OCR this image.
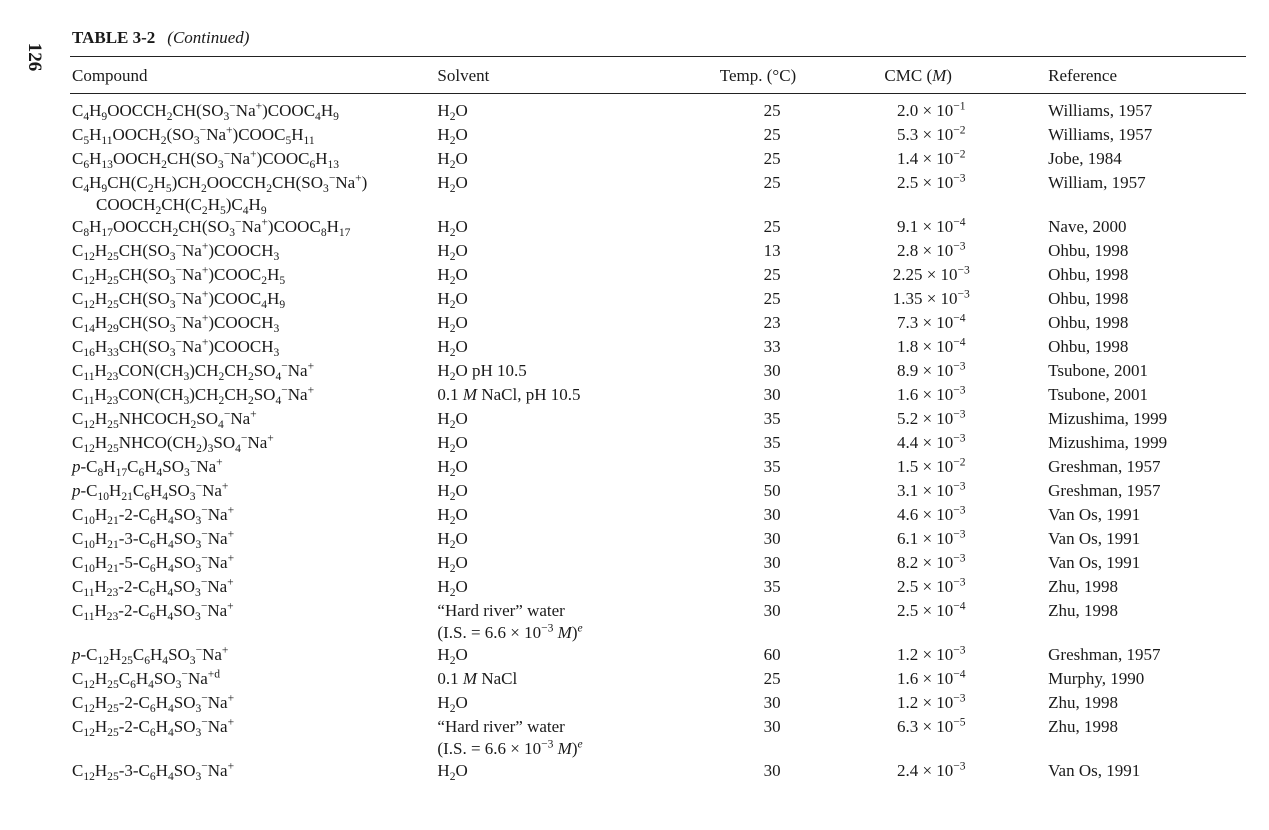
126
TABLE 3-2 (Continued)
Compound	Solvent	Temp. (°C)	CMC (M)	Reference

$C_4H_9OOCCH_2CH(SO_3^-Na^+)COOC_4H_9$	$H_2O$	25	$2.0 \times 10^{-1}$	Williams, 1957

$C_5H_{11}OOCH_2(SO_3^-Na^+)COOC_5H_{11}$	$H_2O$	25	$5.3 \times 10^{-2}$	Williams, 1957

$C_6H_{13}OOCH_2CH(SO_3^-Na^+)COOC_6H_{13}$	$H_2O$	25	$1.4 \times 10^{-2}$	Jobe, 1984

$C_4H_9CH(C_2H_5)CH_2OOCCH_2CH(SO_3^-Na^+)$
$COOCH_2CH(C_2H_5)C_4H_9$	$H_2O$	25	$2.5 \times 10^{-3}$	William, 1957

$C_8H_{17}OOCCH_2CH(SO_3^-Na^+)COOC_8H_{17}$	$H_2O$	25	$9.1 \times 10^{-4}$	Nave, 2000

$C_{12}H_{25}CH(SO_3^-Na^+)COOCH_3$	$H_2O$	13	$2.8 \times 10^{-3}$	Ohbu, 1998

$C_{12}H_{25}CH(SO_3^-Na^+)COOC_2H_5$	$H_2O$	25	$2.25 \times 10^{-3}$	Ohbu, 1998

$C_{12}H_{25}CH(SO_3^-Na^+)COOC_4H_9$	$H_2O$	25	$1.35 \times 10^{-3}$	Ohbu, 1998

$C_{14}H_{29}CH(SO_3^-Na^+)COOCH_3$	$H_2O$	23	$7.3 \times 10^{-4}$	Ohbu, 1998

$C_{16}H_{33}CH(SO_3^-Na^+)COOCH_3$	$H_2O$	33	$1.8 \times 10^{-4}$	Ohbu, 1998

$C_{11}H_{23}CON(CH_3)CH_2CH_2SO_4^-Na^+$	$H_2O$ pH 10.5	30	$8.9 \times 10^{-3}$	Tsubone, 2001

$C_{11}H_{23}CON(CH_3)CH_2CH_2SO_4^-Na^+$	0.1 M NaCl, pH 10.5	30	$1.6 \times 10^{-3}$	Tsubone, 2001

$C_{12}H_{25}NHCOCH_2SO_4^-Na^+$	$H_2O$	35	$5.2 \times 10^{-3}$	Mizushima, 1999

$C_{12}H_{25}NHCO(CH_2)_3SO_4^-Na^+$	$H_2O$	35	$4.4 \times 10^{-3}$	Mizushima, 1999

$p-C_8H_{17}C_6H_4SO_3^-Na^+$	$H_2O$	35	$1.5 \times 10^{-2}$	Greshman, 1957

$p-C_{10}H_{21}C_6H_4SO_3^-Na^+$	$H_2O$	50	$3.1 \times 10^{-3}$	Greshman, 1957

$C_{10}H_{21}-2-C_6H_4SO_3^-Na^+$	$H_2O$	30	$4.6 \times 10^{-3}$	Van Os, 1991

$C_{10}H_{21}-3-C_6H_4SO_3^-Na^+$	$H_2O$	30	$6.1 \times 10^{-3}$	Van Os, 1991

$C_{10}H_{21}-5-C_6H_4SO_3^-Na^+$	$H_2O$	30	$8.2 \times 10^{-3}$	Van Os, 1991

$C_{11}H_{23}-2-C_6H_4SO_3^-Na^+$	$H_2O$	35	$2.5 \times 10^{-3}$	Zhu, 1998

$C_{11}H_{23}-2-C_6H_4SO_3^-Na^+$	“Hard river” water
(I.S. = $6.6 \times 10^{-3}$ M)$^e$	30	$2.5 \times 10^{-4}$	Zhu, 1998

$p-C_{12}H_{25}C_6H_4SO_3^-Na^+$	$H_2O$	60	$1.2 \times 10^{-3}$	Greshman, 1957

$C_{12}H_{25}C_6H_4SO_3^-Na^{+d}$	0.1 M NaCl	25	$1.6 \times 10^{-4}$	Murphy, 1990

$C_{12}H_{25}-2-C_6H_4SO_3^-Na^+$	$H_2O$	30	$1.2 \times 10^{-3}$	Zhu, 1998

$C_{12}H_{25}-2-C_6H_4SO_3^-Na^+$	“Hard river” water
(I.S. = $6.6 \times 10^{-3}$ M)$^e$	30	$6.3 \times 10^{-5}$	Zhu, 1998

$C_{12}H_{25}-3-C_6H_4SO_3^-Na^+$	$H_2O$	30	$2.4 \times 10^{-3}$	Van Os, 1991
